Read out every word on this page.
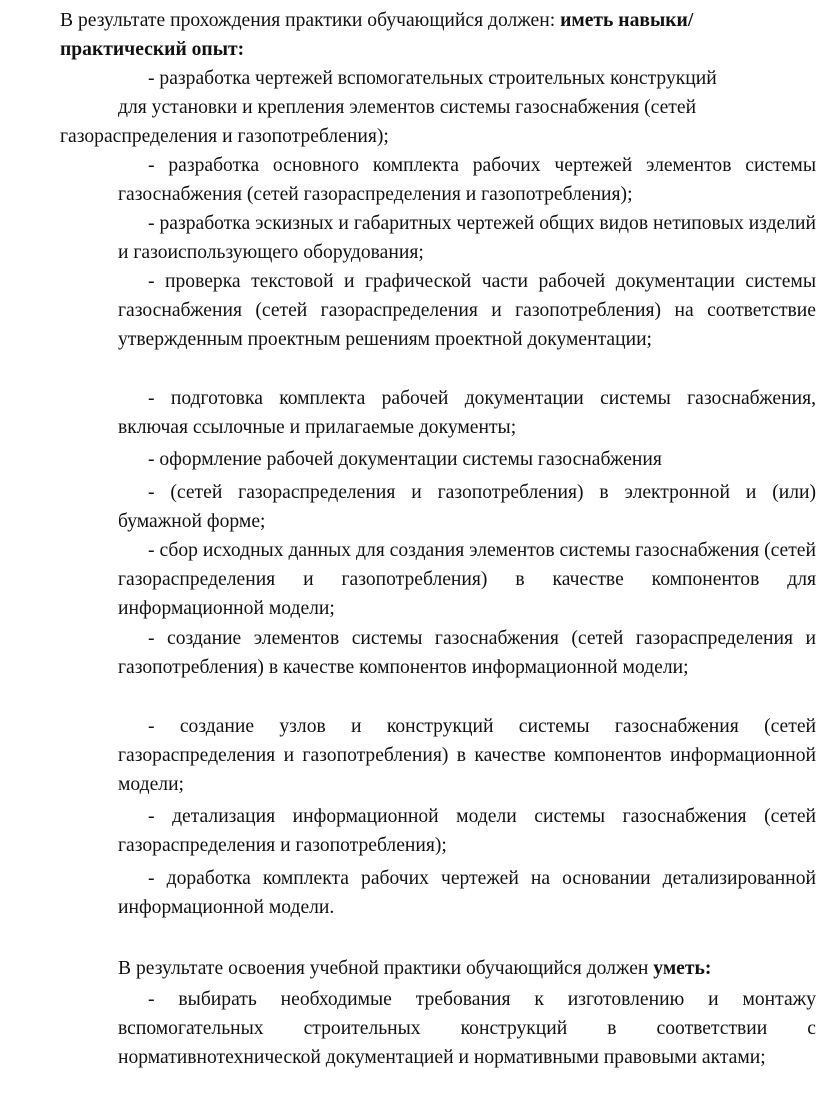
В результате прохождения практики обучающийся должен: иметь навыки/практический опыт:
- разработка чертежей вспомогательных строительных конструкций
для установки и крепления элементов системы газоснабжения (сетей
газораспределения и газопотребления);
- разработка основного комплекта рабочих чертежей элементов системы газоснабжения (сетей газораспределения и газопотребления);
- разработка эскизных и габаритных чертежей общих видов нетиповых изделий и газоиспользующего оборудования;
- проверка текстовой и графической части рабочей документации системы газоснабжения (сетей газораспределения и газопотребления) на соответствие утвержденным проектным решениям проектной документации;
- подготовка комплекта рабочей документации системы газоснабжения, включая ссылочные и прилагаемые документы;
- оформление рабочей документации системы газоснабжения
- (сетей газораспределения и газопотребления) в электронной и (или) бумажной форме;
- сбор исходных данных для создания элементов системы газоснабжения (сетей газораспределения и газопотребления) в качестве компонентов для информационной модели;
- создание элементов системы газоснабжения (сетей газораспределения и газопотребления) в качестве компонентов информационной модели;
- создание узлов и конструкций системы газоснабжения (сетей газораспределения и газопотребления) в качестве компонентов информационной модели;
- детализация информационной модели системы газоснабжения (сетей газораспределения и газопотребления);
- доработка комплекта рабочих чертежей на основании детализированной информационной модели.
В результате освоения учебной практики обучающийся должен уметь:
- выбирать необходимые требования к изготовлению и монтажу вспомогательных строительных конструкций в соответствии с нормативнотехнической документацией и нормативными правовыми актами;
